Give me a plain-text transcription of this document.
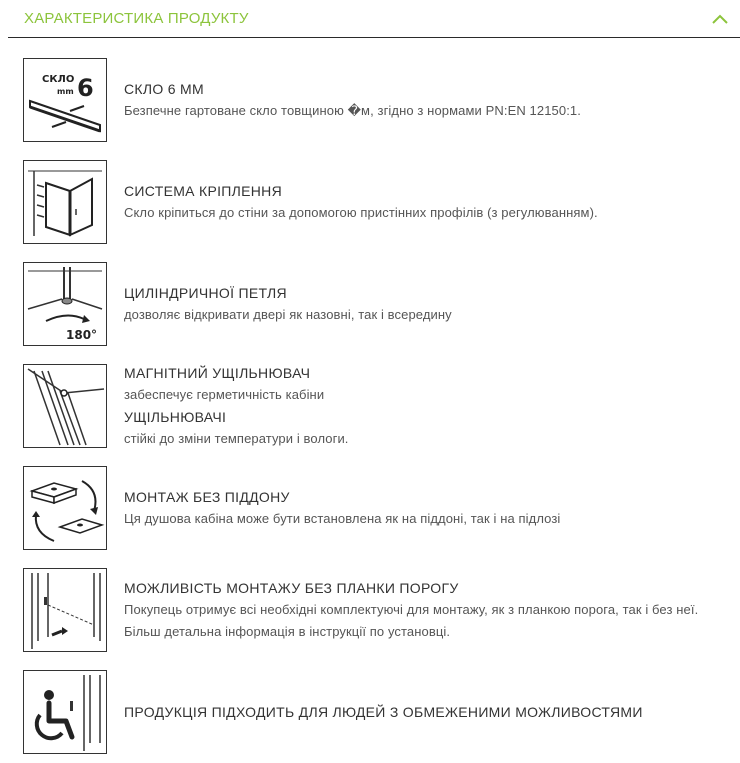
ХАРАКТЕРИСТИКА ПРОДУКТУ
СКЛО
mm 6 СКЛО 6 ММ
Безпечне гартоване скло товщиною �м, згідно з нормами PN:EN 12150:1.
СИСТЕМА КРІПЛЕННЯ
Скло кріпиться до стіни за допомогою пристінних профілів (з регулюванням).
180°
ЦИЛІНДРИЧНОЇ ПЕТЛЯ
дозволяє відкривати двері як назовні, так і всередину
МАГНІТНИЙ УЩІЛЬНЮВАЧ
забеспечує герметичність кабіни
УЩІЛЬНЮВАЧІ
стійкі до зміни температури і вологи.
МОНТАЖ БЕЗ ПІДДОНУ
Ця душова кабіна може бути встановлена як на піддоні, так і на підлозі
МОЖЛИВІСТЬ МОНТАЖУ БЕЗ ПЛАНКИ ПОРОГУ
Покупець отримує всі необхідні комплектуючі для монтажу, як з планкою порога, так і без неї. Більш детальна інформація в інструкції по установці.
ПРОДУКЦІЯ ПІДХОДИТЬ ДЛЯ ЛЮДЕЙ З ОБМЕЖЕНИМИ МОЖЛИВОСТЯМИ
